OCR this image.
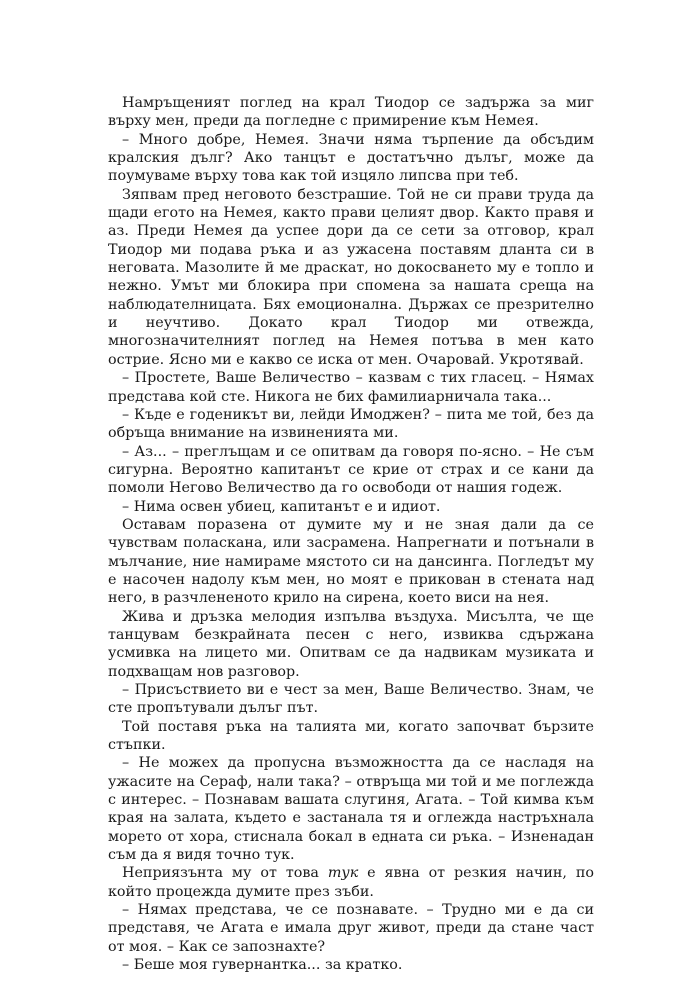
Намръщеният поглед на крал Тиодор се задържа за миг върху мен, преди да погледне с примирение към Немея.

– Много добре, Немея. Значи няма търпение да обсъдим кралския дълг? Ако танцът е достатъчно дълъг, може да поумуваме върху това как той изцяло липсва при теб.

Зяпвам пред неговото безстрашие. Той не си прави труда да щади егото на Немея, както прави целият двор. Както правя и аз. Преди Немея да успее дори да се сети за отговор, крал Тиодор ми подава ръка и аз ужасена поставям дланта си в неговата. Мазолите й ме драскат, но докосването му е топло и нежно. Умът ми блокира при спомена за нашата среща на наблюдателницата. Бях емоционална. Държах се презрително и неучтиво. Докато крал Тиодор ми отвежда, многозначителният поглед на Немея потъва в мен като острие. Ясно ми е какво се иска от мен. Очаровай. Укротявай.

– Простете, Ваше Величество – казвам с тих гласец. – Нямах представа кой сте. Никога не бих фамилиарничала така...

– Къде е годеникът ви, лейди Имоджен? – пита ме той, без да обръща внимание на извиненията ми.

– Аз... – преглъщам и се опитвам да говоря по-ясно. – Не съм сигурна. Вероятно капитанът се крие от страх и се кани да помоли Негово Величество да го освободи от нашия годеж.

– Нима освен убиец, капитанът е и идиот.

Оставам поразена от думите му и не зная дали да се чувствам поласкана, или засрамена. Напрегнати и потънали в мълчание, ние намираме мястото си на дансинга. Погледът му е насочен надолу към мен, но моят е прикован в стената над него, в разчлененото крило на сирена, което виси на нея.

Жива и дръзка мелодия изпълва въздуха. Мисълта, че ще танцувам безкрайната песен с него, извиква сдържана усмивка на лицето ми. Опитвам се да надвикам музиката и подхващам нов разговор.

– Присъствието ви е чест за мен, Ваше Величество. Знам, че сте пропътували дълъг път.

Той поставя ръка на талията ми, когато започват бързите стъпки.

– Не можех да пропусна възможността да се насладя на ужасите на Сераф, нали така? – отвръща ми той и ме поглежда с интерес. – Познавам вашата слугиня, Агата. – Той кимва към края на залата, където е застанала тя и оглежда настръхнала морето от хора, стиснала бокал в едната си ръка. – Изненадан съм да я видя точно тук.

Неприязънта му от това тук е явна от резкия начин, по който процежда думите през зъби.

– Нямах представа, че се познавате. – Трудно ми е да си представя, че Агата е имала друг живот, преди да стане част от моя. – Как се запознахте?

– Беше моя гувернантка... за кратко.
